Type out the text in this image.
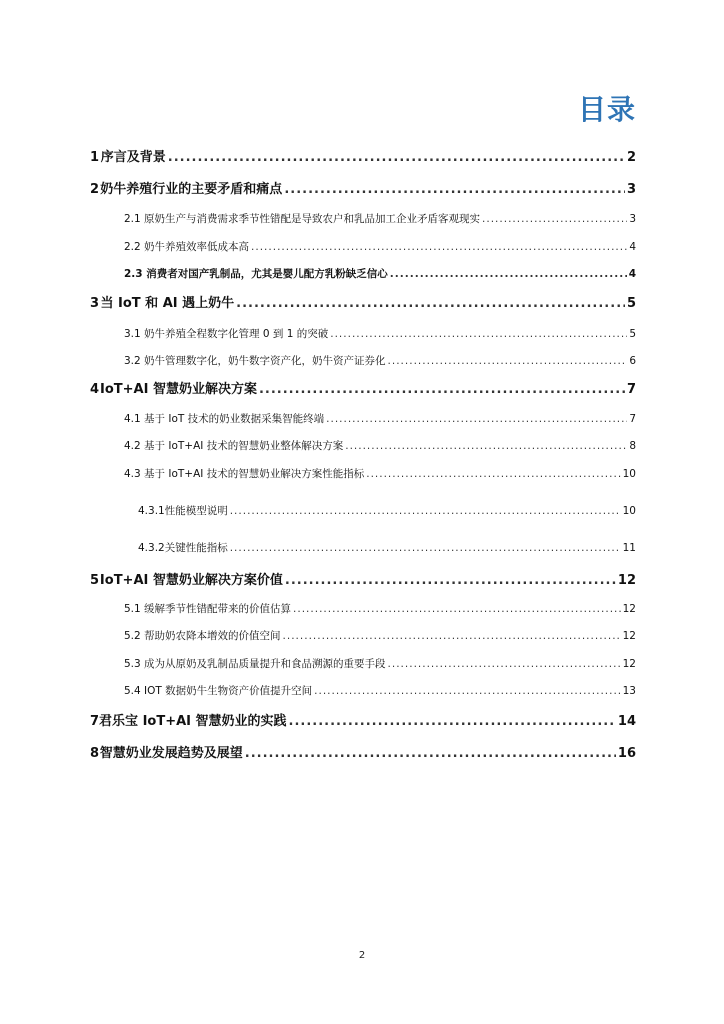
目录
1 序言及背景 .....	2
2 奶牛养殖行业的主要矛盾和痛点 .....	3
2.1 原奶生产与消费需求季节性错配是导致农户和乳品加工企业矛盾客观现实 .....	3
2.2 奶牛养殖效率低成本高 .....	4
2.3 消费者对国产乳制品，尤其是婴儿配方乳粉缺乏信心 .....	4
3 当 IoT 和 AI 遇上奶牛 .....	5
3.1 奶牛养殖全程数字化管理 0 到 1 的突破 .....	5
3.2 奶牛管理数字化，奶牛数字资产化，奶牛资产证券化 .....	6
4 IoT+AI 智慧奶业解决方案 .....	7
4.1 基于 IoT 技术的奶业数据采集智能终端 .....	7
4.2 基于 IoT+AI 技术的智慧奶业整体解决方案 .....	8
4.3 基于 IoT+AI 技术的智慧奶业解决方案性能指标 .....	10
4.3.1 性能模型说明 .....	10
4.3.2 关键性能指标 .....	11
5 IoT+AI 智慧奶业解决方案价值 .....	12
5.1 缓解季节性错配带来的价值估算 .....	12
5.2 帮助奶农降本增效的价值空间 .....	12
5.3 成为从原奶及乳制品质量提升和食品溯源的重要手段 .....	12
5.4 IOT 数据奶牛生物资产价值提升空间 .....	13
7 君乐宝 IoT+AI 智慧奶业的实践 .....	14
8 智慧奶业发展趋势及展望 .....	16
2
